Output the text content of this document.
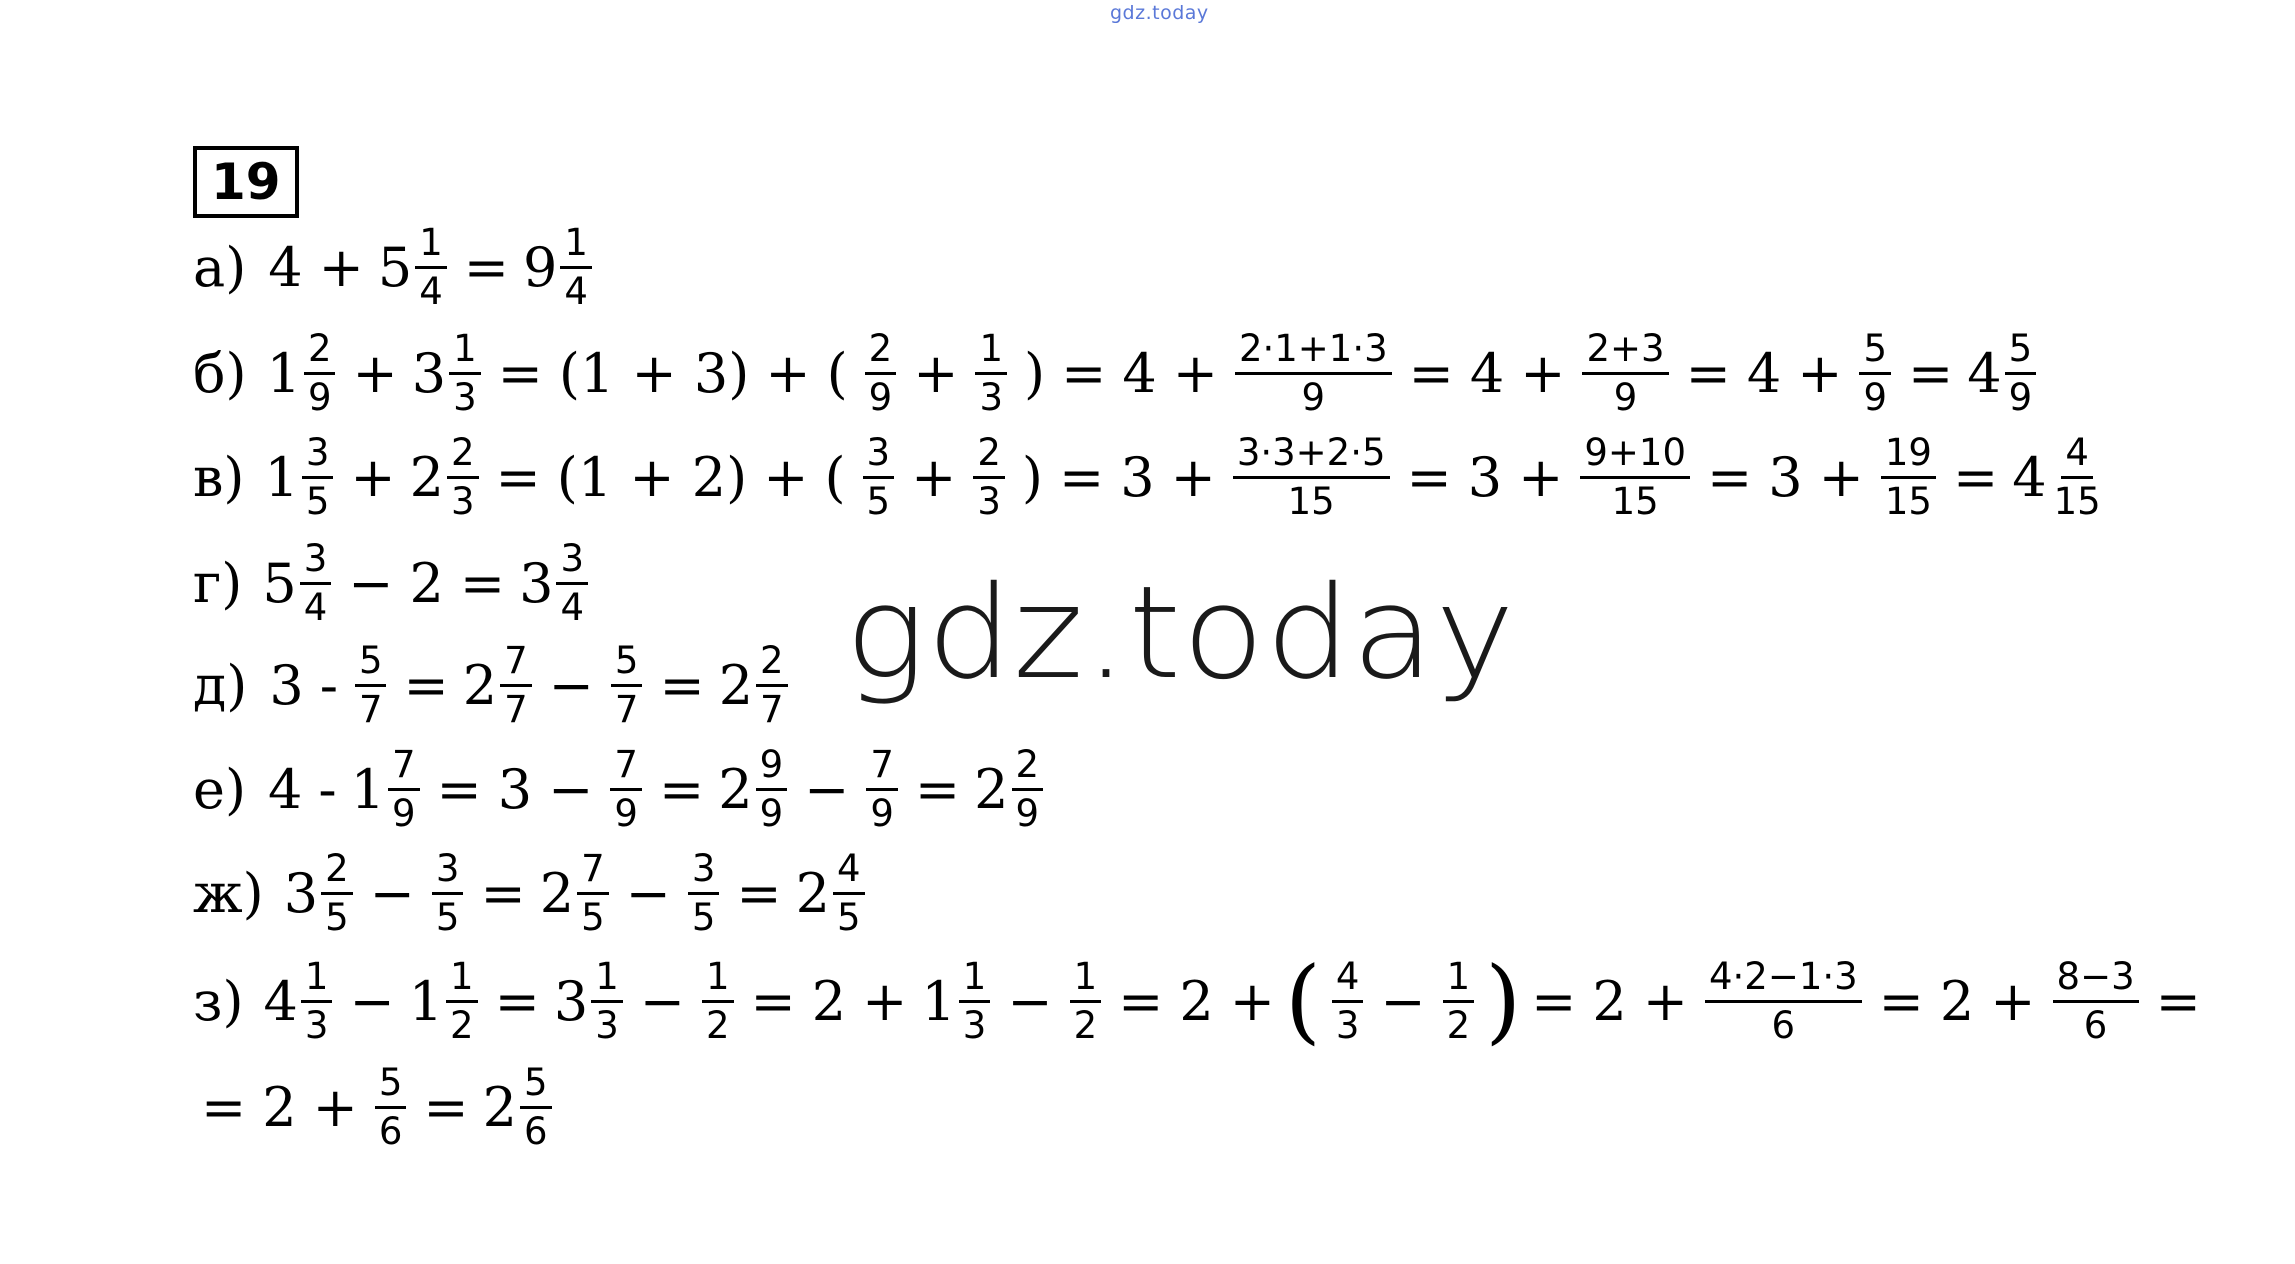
gdz.today
19
а) $4 + 5 \frac{1}{4} = 9 \frac{1}{4}$
б) $1 \frac{2}{9} + 3 \frac{1}{3} = (1 + 3)$ + ( $\frac{2}{9} + \frac{1}{3}$ ) = $4 + \frac{2\cdot 1+1\cdot 3}{9} = 4 + \frac{2+3}{9} = 4 + \frac{5}{9} = 4 \frac{5}{9}$
в) $1 \frac{3}{5} + 2 \frac{2}{3} = (1 + 2)$ + ( $\frac{3}{5} + \frac{2}{3}$ ) = $3 + \frac{3\cdot 3+2\cdot 5}{15} = 3 + \frac{9+10}{15} = 3 + \frac{19}{15} = 4 \frac{4}{15}$
г) $5 \frac{3}{4} - 2 = 3 \frac{3}{4}$
д) $3 - \frac{5}{7} = 2 \frac{7}{7} - \frac{5}{7} = 2 \frac{2}{7}$
е) $4 - 1 \frac{7}{9} = 3 - \frac{7}{9} = 2 \frac{9}{9} - \frac{7}{9} = 2 \frac{2}{9}$
ж) $3 \frac{2}{5} - \frac{3}{5} = 2 \frac{7}{5} - \frac{3}{5} = 2 \frac{4}{5}$
з) $4 \frac{1}{3} - 1 \frac{1}{2} = 3 \frac{1}{3} - \frac{1}{2} = 2 + 1 \frac{1}{3} - \frac{1}{2} = 2$ + ( $\frac{4}{3} - \frac{1}{2}$ ) = $2 + \frac{4\cdot 2-1\cdot 3}{6} = 2 + \frac{8-3}{6}$ =
= $2 + \frac{5}{6} = 2 \frac{5}{6}$
gdz.today
